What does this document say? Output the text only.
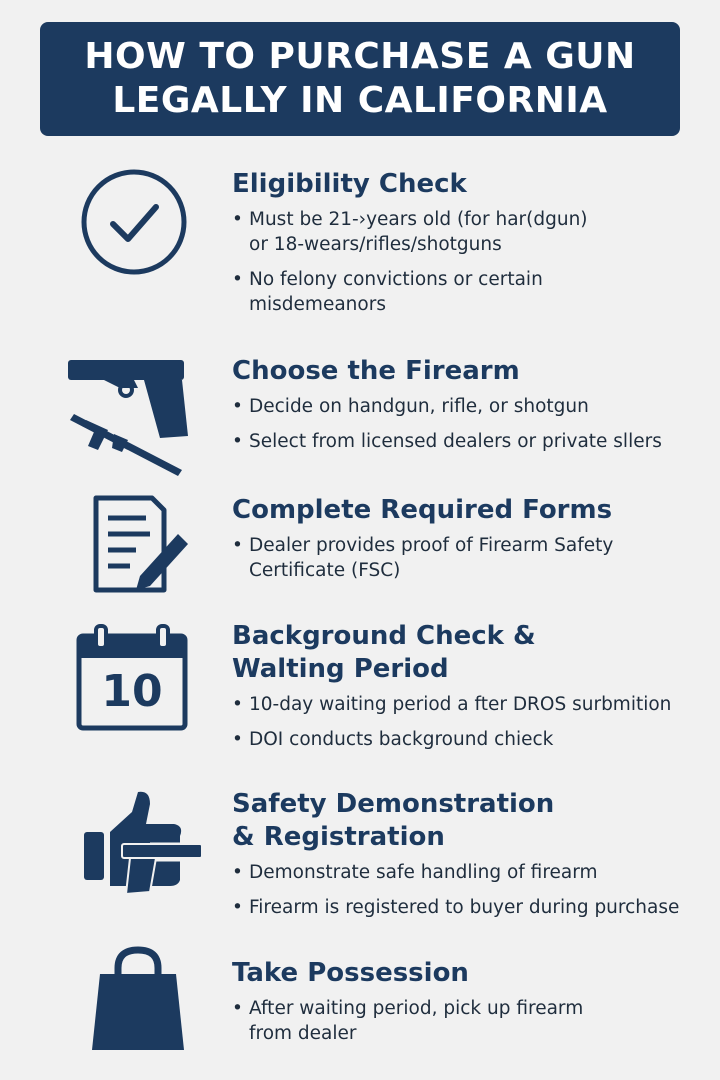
HOW TO PURCHASE A GUN
LEGALLY IN CALIFORNIA
Eligibility Check
• Must be 21-›years old (for har(dgun)
or 18-wears/rifles/shotguns
• No felony convictions or certain
misdemeanors
Choose the Firearm
• Decide on handgun, rifle, or shotgun
• Select from licensed dealers or private sllers
Complete Required Forms
• Dealer provides proof of Firearm Safety
Certificate (FSC)
10
Background Check &
Walting Period
• 10-day waiting period a fter DROS surbmition
• DOI conducts background chieck
Safety Demonstration
& Registration
• Demonstrate safe handling of firearm
• Firearm is registered to buyer during purchase
Take Possession
• After waiting period, pick up firearm
from dealer
